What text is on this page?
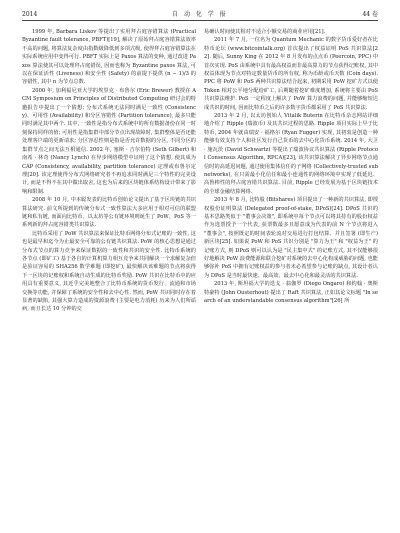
2014	自 动 化 学 报	44 卷

1999 年, Barbara Liskov 等提出了实用拜占庭容错算法 (Practical Byzantine fault tolerance, PBFT)[19], 解决了原始拜占庭容错算法效率不高的问题, 将算法复杂度由指数级降低到多项式级, 使得拜占庭容错算法在实际系统应用中变得可行. PBFT 实际上是 Paxos 算法的变种, 通过改进 Paxos 算法使其可以处理拜占庭错误, 因而也称为 Byzantine paxos 算法, 可以在保证活性 (Liveness) 和安全性 (Safety) 的前提下提供 (n − 1)/3 的容错性, 其中 n 为节点总数.

2000 年, 加利福尼亚大学的埃里克 · 布鲁尔 (Eric Brewer) 教授在 ACM Symposium on Principles of Distributed Computing 研讨会的特邀报告中提出了一个猜想: 分布式系统无法同时满足一致性 (Consistency)、可用性 (Availability) 和分区容错性 (Partition tolerance), 最多只能同时满足其中两个. 其中, 一致性是指分布式系统中的所有数据备份在同一时刻保持同样的值; 可用性是指集群中部分节点出现故障时, 集群整体是否还能处理客户端的更新请求; 分区容忍性则是指是否允许数据的分区, 不同分区的集群节点之间无法互相通信. 2002 年, 塞斯 · 吉尔伯特 (Seth Gilbert) 和南希 · 林奇 (Nancy Lynch) 在异步网络模型中证明了这个猜想, 使其成为 CAP (Consistency, availability, partition tolerance) 定理或布鲁尔定理[20]. 该定理使得分布式网络研究者不再追求同时满足三个特性的完美设计, 而是不得不在其中做出取舍, 这也为后来的区块链体系结构设计带来了影响和限制.

2008 年 10 月, 中本聪发表的比特币创始论文提出了基于区块链的共识算法研究. 前文所提到的传统分布式一致性算法大多应用于相对可信的联盟链和私有链, 而面向比特币、以太坊等公有链环境则诞生了 PoW、PoS 等一系列新的拜占庭容错类共识算法.

比特币采用了 PoW 共识算法来保证比特币网络分布式记账的一致性, 这也是最早和迄今为止最安全可靠的公有链共识算法. PoW 的核心思想是通过分布式节点的算力竞争来保证数据的一致性和共识的安全性. 比特币系统的各节点 (即矿工) 基于各自的计算机算力相互竞争来共同解决一个求解复杂但是验证容易的 SHA256 数学难题 (即挖矿), 最快解决该难题的节点将获得下一区块的记账权和系统自动生成的比特币奖励. PoW 共识在比特币中的应用具有重要意义, 其近乎完美地整合了比特币系统的货币发行、流通和市场交换等功能, 并保障了系统的安全性和去中心性. 然而, PoW 共识同时存在着显著的缺陷, 其强大算力造成的资源浪费 (主要是电力消耗) 历来为人们所诟病, 而且长达 10 分钟的交

易确认时间使其相对不适合小额交易的商业应用[21].

2011 年 7 月, 一位名为 Quantum Mechanic 的数字货币爱好者在比特币论坛 (www.bitcointalk.org) 首次提出了权益证明 PoS 共识算法[22]. 随后, Sunny King 在 2012 年 8 月发布的点点币 (Peercoin, PPC) 中首次实现. PoS 由系统中具有最高权益而非最高算力的节点获得记账权, 其中权益体现为节点对特定数量货币的所有权, 称为币龄或币天数 (Coin days). PPC 将 PoW 和 PoS 两种共识算法结合起来, 初期采用 PoW 挖矿方式以使 Token 相对公平地分配给矿工, 后期随着挖矿难度增加, 系统将主要由 PoS 共识算法维护. PoS 一定程度上解决了 PoW 算力浪费的问题, 并能够缩短达成共识的时间, 因而比特币之后的许多数字货币都采用了 PoS 共识算法.

2013 年 2 月, 以太坊创始人 Vitalik Buterin 在比特币杂志网站详细地介绍了 Ripple (瑞波币) 及其共识过程的思路. Ripple 项目实际上早于比特币, 2004 年就由瑞安 · 福格尔 (Ryan Fugger) 实现, 其初衷是创造一种能够有效支持个人和社区发行自己货币的去中心化货币系统. 2014 年, 大卫 · 施瓦茨 (David Schwartz) 等提出了瑞波协议共识算法 (Ripple Protocol Consensus Algorithm, RPCA)[23], 该共识算法解决了异步网络节点通信时的高延迟问题, 通过使用集体信任的子网络 (Collectively-trusted subnetworks), 在只需最小化信任和最小连通性的网络环境中实现了低延迟、高鲁棒性的拜占庭容错共识算法. 目前, Ripple 已经发展为基于区块链技术的全球金融结算网络.

2013 年 8 月, 比特股 (Bitshares) 项目提出了一种新的共识算法, 即授权股份证明算法 (Delegated proof-of-stake, DPoS)[24]. DPoS 共识的基本思路类似于 "董事会决策", 即系统中每个节点可以将其持有的股份权益作为选票授予一个代表, 获票数最多且愿意成为代表的前 N 个节点将进入 "董事会", 按照既定的时间表轮流对交易进行打包结算、并且签署 (即生产) 新区块[25]. 如果说 PoW 和 PoS 共识分别是 "算力为王" 和 "权益为王" 的记账方式, 则 DPoS 则可以认为是 "民主集中式" 的记账方式, 其不仅能够很好地解决 PoW 浪费能源和联合挖矿对系统的去中心化构成威胁的问题, 也能够弥补 PoS 中拥有记账权益的参与者未必希望参与记账的缺点, 其设计者认为 DPoS 是当时最快速、最高效、最去中心化和最灵活的共识算法.

2013 年, 斯坦福大学的迭戈 · 翁伽罗 (Diego Ongaro) 和约翰 · 奥斯特豪特 (John Ousterhout) 提出了 Raft 共识算法, 正如其论文标题 "In search of an understandable consensus algorithm"[26] 所
